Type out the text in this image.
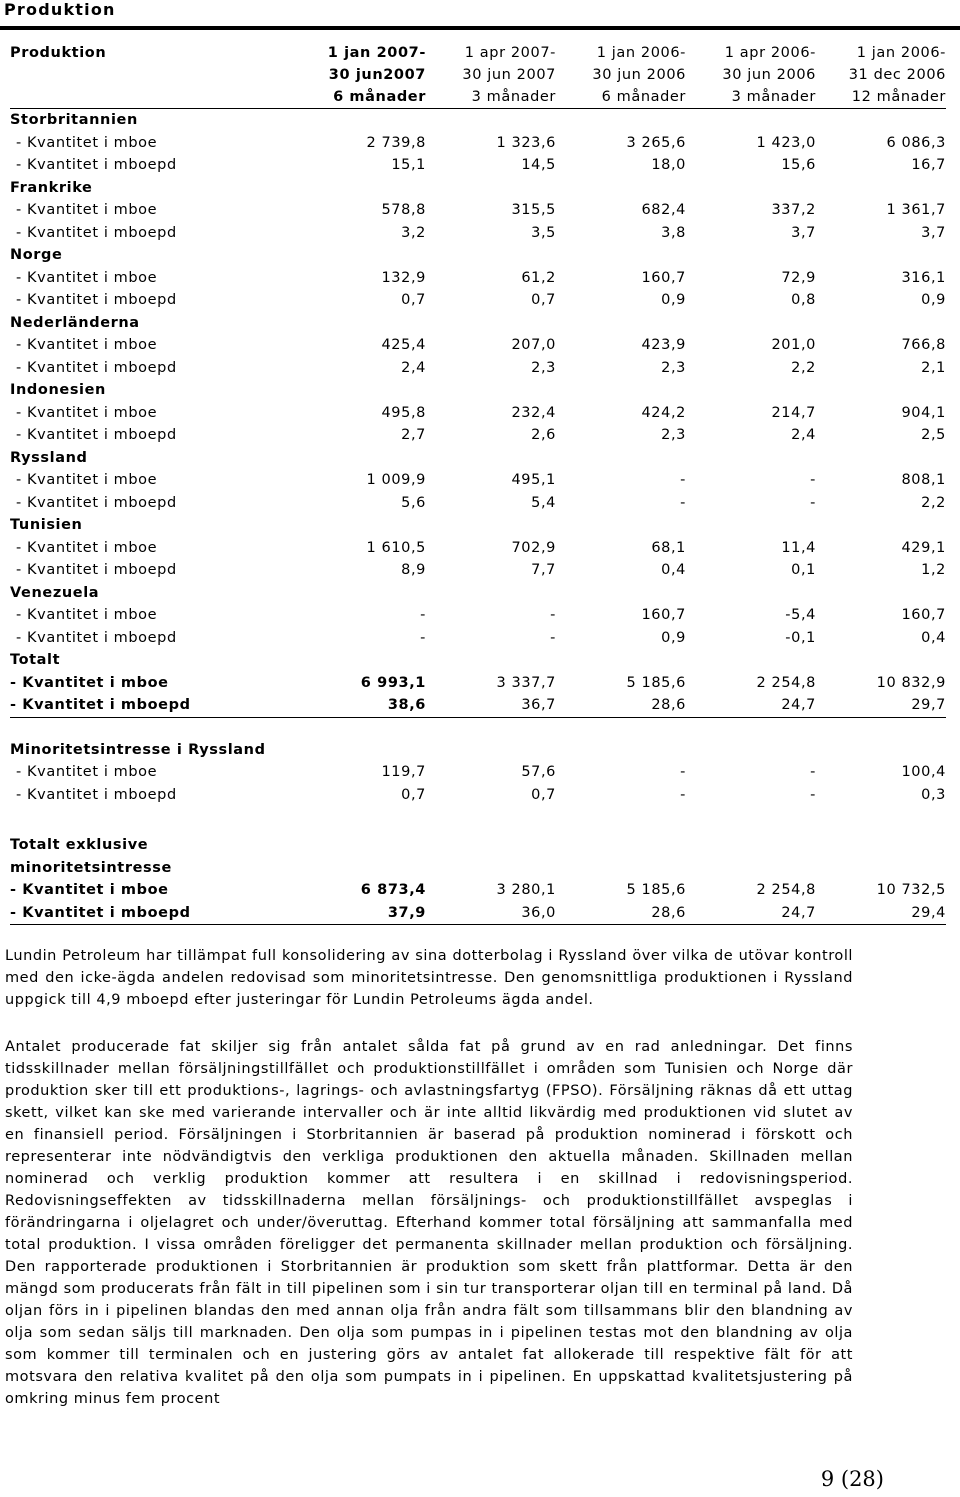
Produktion
Produktion	1 jan 2007-	1 apr 2007-	1 jan 2006-	1 apr 2006-	1 jan 2006-
	30 jun2007	30 jun 2007	30 jun 2006	30 jun 2006	31 dec 2006
	6 månader	3 månader	6 månader	3 månader	12 månader
Storbritannien					
- Kvantitet i mboe	2 739,8	1 323,6	3 265,6	1 423,0	6 086,3
- Kvantitet i mboepd	15,1	14,5	18,0	15,6	16,7
Frankrike					
- Kvantitet i mboe	578,8	315,5	682,4	337,2	1 361,7
- Kvantitet i mboepd	3,2	3,5	3,8	3,7	3,7
Norge					
- Kvantitet i mboe	132,9	61,2	160,7	72,9	316,1
- Kvantitet i mboepd	0,7	0,7	0,9	0,8	0,9
Nederländerna					
- Kvantitet i mboe	425,4	207,0	423,9	201,0	766,8
- Kvantitet i mboepd	2,4	2,3	2,3	2,2	2,1
Indonesien					
- Kvantitet i mboe	495,8	232,4	424,2	214,7	904,1
- Kvantitet i mboepd	2,7	2,6	2,3	2,4	2,5
Ryssland					
- Kvantitet i mboe	1 009,9	495,1	-	-	808,1
- Kvantitet i mboepd	5,6	5,4	-	-	2,2
Tunisien					
- Kvantitet i mboe	1 610,5	702,9	68,1	11,4	429,1
- Kvantitet i mboepd	8,9	7,7	0,4	0,1	1,2
Venezuela					
- Kvantitet i mboe	-	-	160,7	-5,4	160,7
- Kvantitet i mboepd	-	-	0,9	-0,1	0,4
Totalt					
- Kvantitet i mboe	6 993,1	3 337,7	5 185,6	2 254,8	10 832,9
- Kvantitet i mboepd	38,6	36,7	28,6	24,7	29,7

Minoritetsintresse i Ryssland					
- Kvantitet i mboe	119,7	57,6	-	-	100,4
- Kvantitet i mboepd	0,7	0,7	-	-	0,3

Totalt exklusive					
minoritetsintresse					
- Kvantitet i mboe	6 873,4	3 280,1	5 185,6	2 254,8	10 732,5
- Kvantitet i mboepd	37,9	36,0	28,6	24,7	29,4
Lundin Petroleum har tillämpat full konsolidering av sina dotterbolag i Ryssland över vilka de utövar kontroll med den icke-ägda andelen redovisad som minoritetsintresse. Den genomsnittliga produktionen i Ryssland uppgick till 4,9 mboepd efter justeringar för Lundin Petroleums ägda andel.
Antalet producerade fat skiljer sig från antalet sålda fat på grund av en rad anledningar. Det finns tidsskillnader mellan försäljningstillfället och produktionstillfället i områden som Tunisien och Norge där produktion sker till ett produktions-, lagrings- och avlastningsfartyg (FPSO). Försäljning räknas då ett uttag skett, vilket kan ske med varierande intervaller och är inte alltid likvärdig med produktionen vid slutet av en finansiell period. Försäljningen i Storbritannien är baserad på produktion nominerad i förskott och representerar inte nödvändigtvis den verkliga produktionen den aktuella månaden. Skillnaden mellan nominerad och verklig produktion kommer att resultera i en skillnad i redovisningsperiod. Redovisningseffekten av tidsskillnaderna mellan försäljnings- och produktionstillfället avspeglas i förändringarna i oljelagret och under/överuttag. Efterhand kommer total försäljning att sammanfalla med total produktion. I vissa områden föreligger det permanenta skillnader mellan produktion och försäljning. Den rapporterade produktionen i Storbritannien är produktion som skett från plattformar. Detta är den mängd som producerats från fält in till pipelinen som i sin tur transporterar oljan till en terminal på land. Då oljan förs in i pipelinen blandas den med annan olja från andra fält som tillsammans blir den blandning av olja som sedan säljs till marknaden. Den olja som pumpas in i pipelinen testas mot den blandning av olja som kommer till terminalen och en justering görs av antalet fat allokerade till respektive fält för att motsvara den relativa kvalitet på den olja som pumpats in i pipelinen. En uppskattad kvalitetsjustering på omkring minus fem procent
9 (28)
